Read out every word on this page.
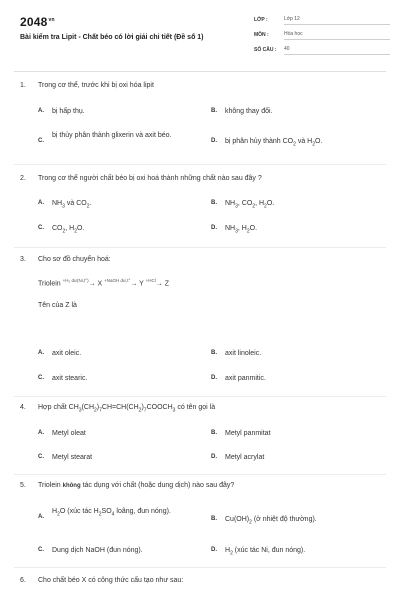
$2048^{vn}$
Bài kiểm tra Lipit - Chất béo có lời giải chi tiết (Đề số 1)
LỚP :	Lớp 12
MÔN :	Hóa học
SỐ CÂU : 40
1. Trong cơ thể, trước khi bị oxi hóa lipit
A. bị hấp thụ.	B. không thay đổi.
C.
bị thủy phân thành glixerin và axit béo.
D. bị phân hủy thành $CO_2$ và $H_2O$.
2. Trong cơ thể người chất béo bị oxi hoá thành những chất nào sau đây ?
A. $NH_3$ và $CO_2$.	B. $NH_3$, $CO_2$, $H_2O$.
C. $CO_2$, $H_2O$.	D. $NH_3$, $H_2O$.
3. Cho sơ đồ chuyển hoá:
Triolein $^{+H_2 dư(Ni,t^\circ)}$→ X $^{+NaOH dư,t^\circ}$→ Y $^{+HCl}$→ Z
Tên của Z là
A. axit oleic.	B. axit linoleic.
C. axit stearic.	D. axit panmitic.
4. Hợp chất $CH_3(CH_2)_7CH=CH(CH_2)_7COOCH_3$ có tên gọi là
A. Metyl oleat	B. Metyl panmitat
C. Metyl stearat	D. Metyl acrylat
5. Triolein không tác dụng với chất (hoặc dung dịch) nào sau đây?
A.
$H_2O$ (xúc tác $H_2SO_4$ loãng, đun nóng).
B. $Cu(OH)_2$ (ở nhiệt độ thường).
C. Dung dịch NaOH (đun nóng).	D. $H_2$ (xúc tác Ni, đun nóng).
6. Cho chất béo X có công thức cấu tạo như sau:
